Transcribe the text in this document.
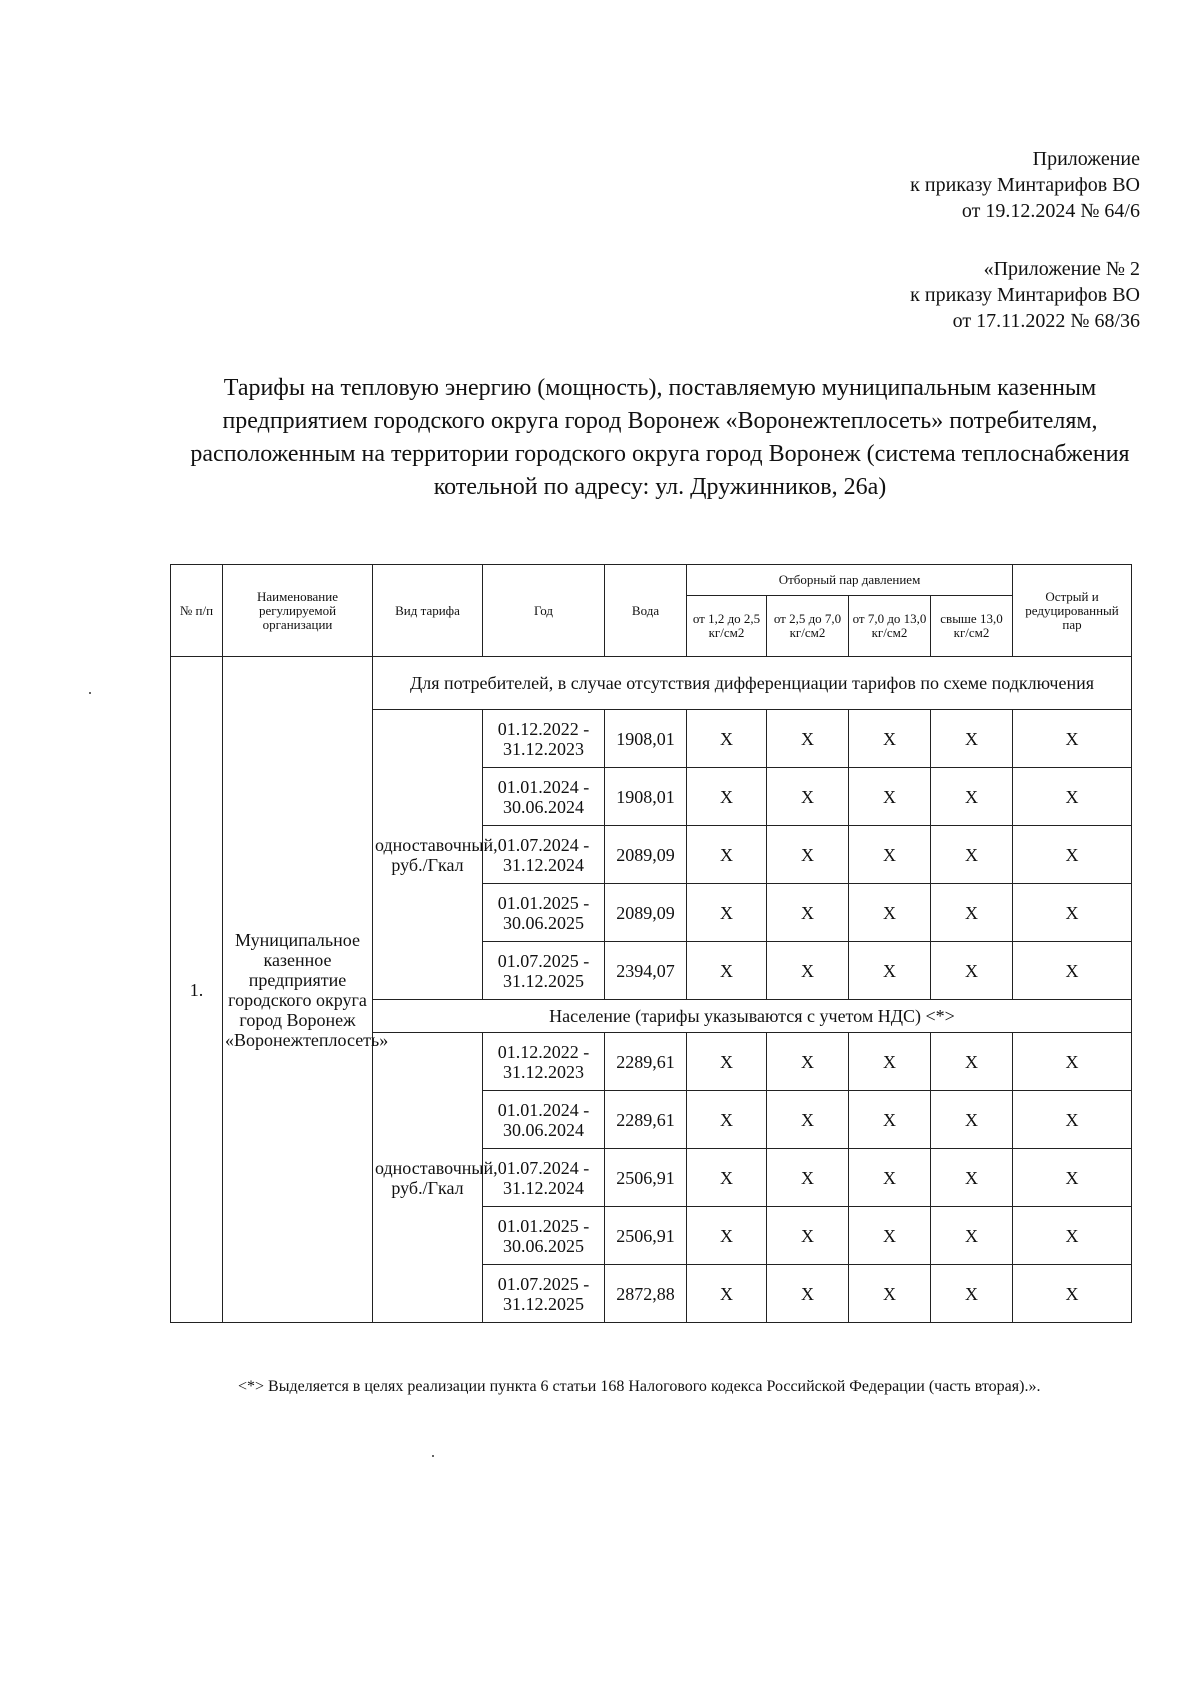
Приложение
к приказу Минтарифов ВО
от 19.12.2024 № 64/6
«Приложение № 2
к приказу Минтарифов ВО
от 17.11.2022 № 68/36
Тарифы на тепловую энергию (мощность), поставляемую муниципальным казенным предприятием городского округа город Воронеж «Воронежтеплосеть» потребителям, расположенным на территории городского округа город Воронеж (система теплоснабжения котельной по адресу: ул. Дружинников, 26а)
№ п/п	Наименование регулируемой организации	Вид тарифа	Год	Вода	Отборный пар давлением				Острый и редуцированный пар
					от 1,2 до 2,5 кг/см2	от 2,5 до 7,0 кг/см2	от 7,0 до 13,0 кг/см2	свыше 13,0 кг/см2	
1.	Муниципальное казенное предприятие городского округа город Воронеж «Воронежтеплосеть»	Для потребителей, в случае отсутствия дифференциации тарифов по схеме подключения							
		одноставочный, руб./Гкал	01.12.2022 - 31.12.2023	1908,01	Х	Х	Х	Х	Х
			01.01.2024 - 30.06.2024	1908,01	Х	Х	Х	Х	Х
			01.07.2024 - 31.12.2024	2089,09	Х	Х	Х	Х	Х
			01.01.2025 - 30.06.2025	2089,09	Х	Х	Х	Х	Х
			01.07.2025 - 31.12.2025	2394,07	Х	Х	Х	Х	Х
		Население (тарифы указываются с учетом НДС) <*>							
		одноставочный, руб./Гкал	01.12.2022 - 31.12.2023	2289,61	Х	Х	Х	Х	Х
			01.01.2024 - 30.06.2024	2289,61	Х	Х	Х	Х	Х
			01.07.2024 - 31.12.2024	2506,91	Х	Х	Х	Х	Х
			01.01.2025 - 30.06.2025	2506,91	Х	Х	Х	Х	Х
			01.07.2025 - 31.12.2025	2872,88	Х	Х	Х	Х	Х
<*> Выделяется в целях реализации пункта 6 статьи 168 Налогового кодекса Российской Федерации (часть вторая).».
